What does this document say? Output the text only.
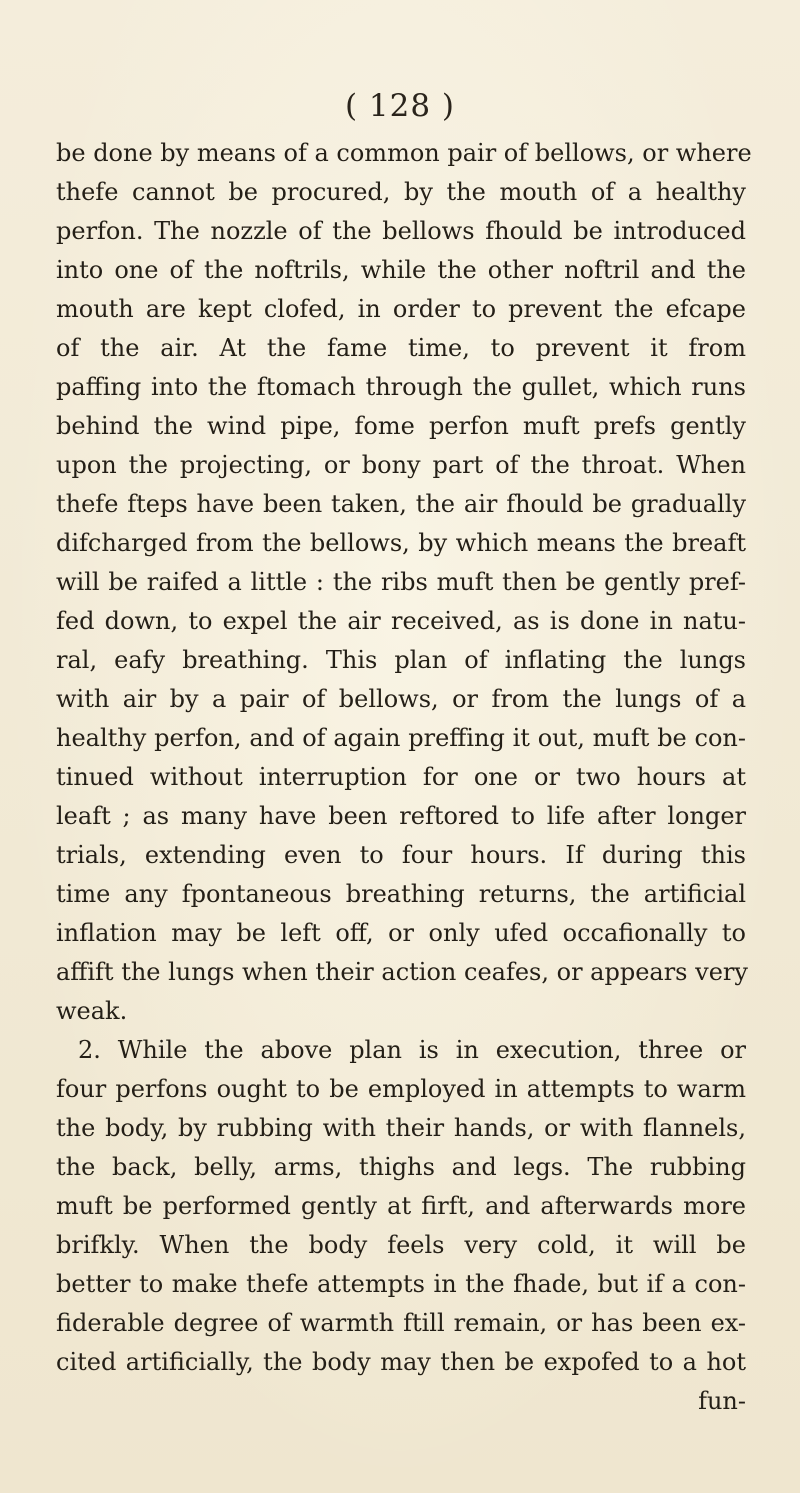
( 128 )
be done by means of a common pair of bellows, or where
thefe cannot be procured, by the mouth of a healthy
perfon. The nozzle of the bellows fhould be introduced
into one of the noftrils, while the other noftril and the
mouth are kept clofed, in order to prevent the efcape
of the air. At the fame time, to prevent it from
paffing into the ftomach through the gullet, which runs
behind the wind pipe, fome perfon muft prefs gently
upon the projecting, or bony part of the throat. When
thefe fteps have been taken, the air fhould be gradually
difcharged from the bellows, by which means the breaft
will be raifed a little : the ribs muft then be gently pref-
fed down, to expel the air received, as is done in natu-
ral, eafy breathing. This plan of inflating the lungs
with air by a pair of bellows, or from the lungs of a
healthy perfon, and of again preffing it out, muft be con-
tinued without interruption for one or two hours at
leaft ; as many have been reftored to life after longer
trials, extending even to four hours. If during this
time any fpontaneous breathing returns, the artificial
inflation may be left off, or only ufed occafionally to
affift the lungs when their action ceafes, or appears very
weak.
2. While the above plan is in execution, three or
four perfons ought to be employed in attempts to warm
the body, by rubbing with their hands, or with flannels,
the back, belly, arms, thighs and legs. The rubbing
muft be performed gently at firft, and afterwards more
brifkly. When the body feels very cold, it will be
better to make thefe attempts in the fhade, but if a con-
fiderable degree of warmth ftill remain, or has been ex-
cited artificially, the body may then be expofed to a hot
fun-
